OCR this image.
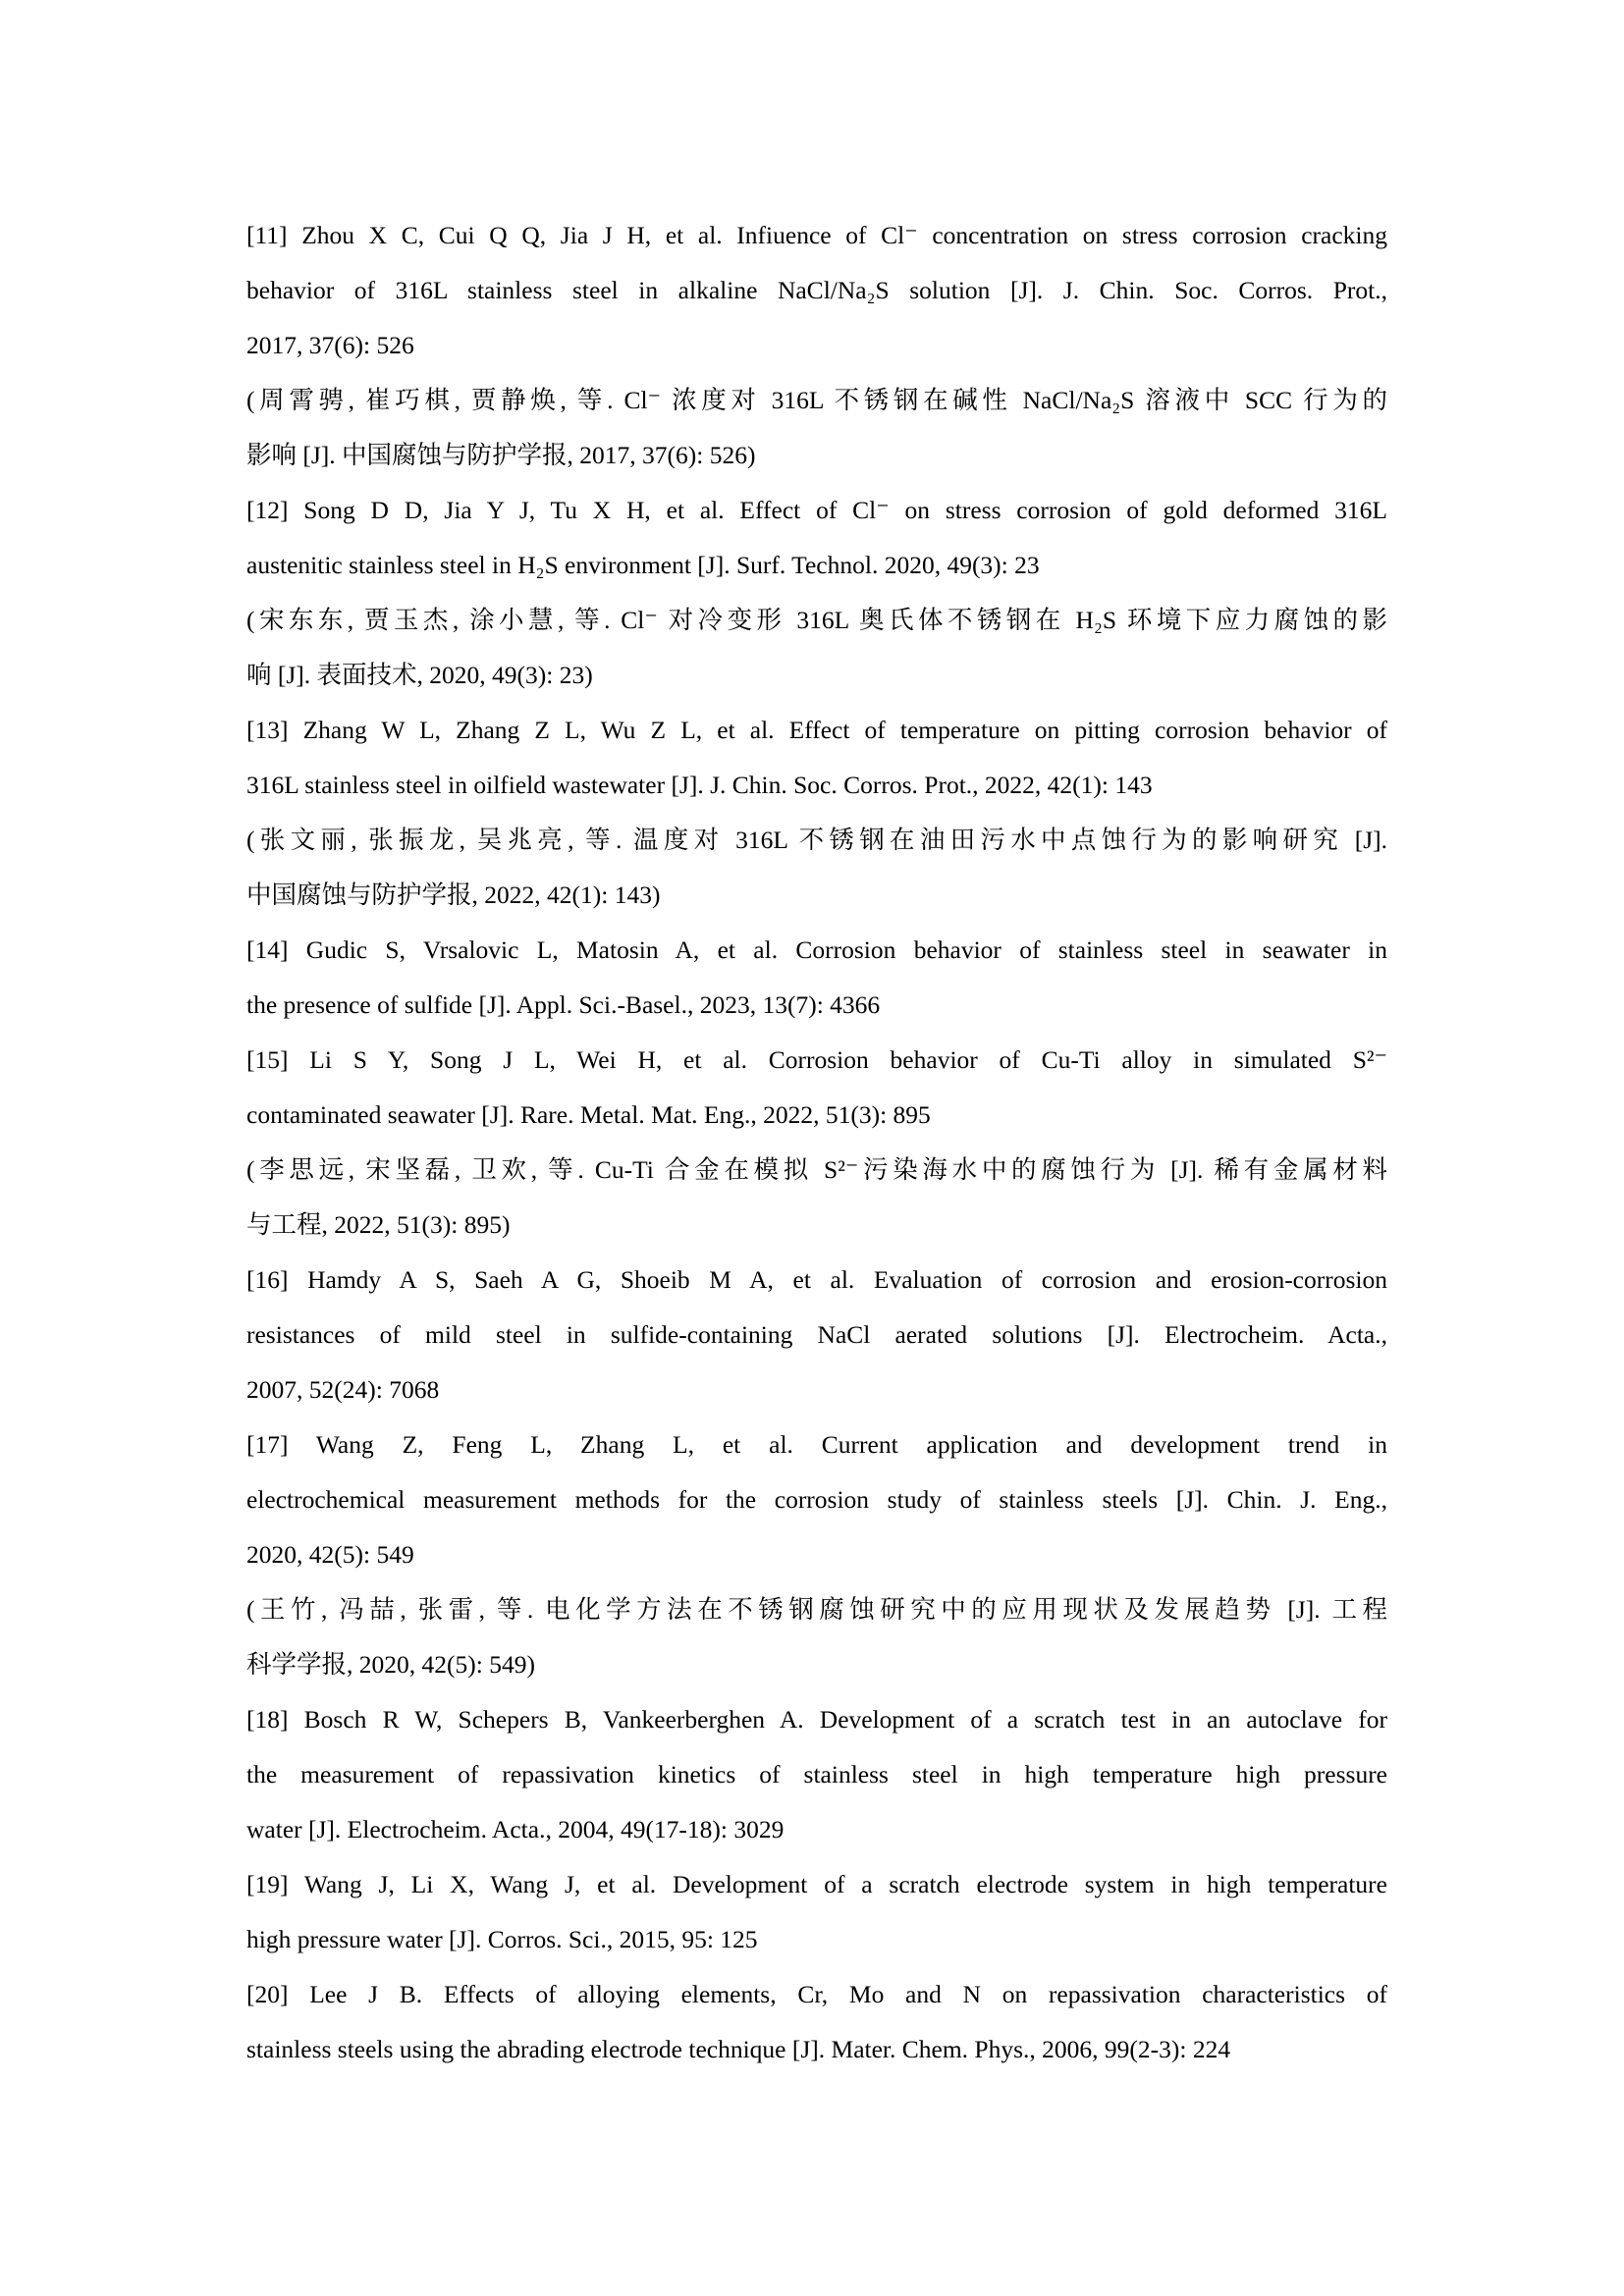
[11] Zhou X C, Cui Q Q, Jia J H, et al. Infiuence of Cl⁻ concentration on stress corrosion cracking
behavior of 316L stainless steel in alkaline NaCl/Na₂S solution [J]. J. Chin. Soc. Corros. Prot.,
2017, 37(6): 526
(周霄骋, 崔巧棋, 贾静焕, 等. Cl⁻ 浓度对 316L 不锈钢在碱性 NaCl/Na₂S 溶液中 SCC 行为的
影响 [J]. 中国腐蚀与防护学报, 2017, 37(6): 526)
[12] Song D D, Jia Y J, Tu X H, et al. Effect of Cl⁻ on stress corrosion of gold deformed 316L
austenitic stainless steel in H₂S environment [J]. Surf. Technol. 2020, 49(3): 23
(宋东东, 贾玉杰, 涂小慧, 等. Cl⁻ 对冷变形 316L 奥氏体不锈钢在 H₂S 环境下应力腐蚀的影
响 [J]. 表面技术, 2020, 49(3): 23)
[13] Zhang W L, Zhang Z L, Wu Z L, et al. Effect of temperature on pitting corrosion behavior of
316L stainless steel in oilfield wastewater [J]. J. Chin. Soc. Corros. Prot., 2022, 42(1): 143
(张文丽, 张振龙, 吴兆亮, 等. 温度对 316L 不锈钢在油田污水中点蚀行为的影响研究 [J].
中国腐蚀与防护学报, 2022, 42(1): 143)
[14] Gudic S, Vrsalovic L, Matosin A, et al. Corrosion behavior of stainless steel in seawater in
the presence of sulfide [J]. Appl. Sci.-Basel., 2023, 13(7): 4366
[15] Li S Y, Song J L, Wei H, et al. Corrosion behavior of Cu-Ti alloy in simulated S²⁻
contaminated seawater [J]. Rare. Metal. Mat. Eng., 2022, 51(3): 895
(李思远, 宋坚磊, 卫欢, 等. Cu-Ti 合金在模拟 S²⁻污染海水中的腐蚀行为 [J]. 稀有金属材料
与工程, 2022, 51(3): 895)
[16] Hamdy A S, Saeh A G, Shoeib M A, et al. Evaluation of corrosion and erosion-corrosion
resistances of mild steel in sulfide-containing NaCl aerated solutions [J]. Electrocheim. Acta.,
2007, 52(24): 7068
[17] Wang Z, Feng L, Zhang L, et al. Current application and development trend in
electrochemical measurement methods for the corrosion study of stainless steels [J]. Chin. J. Eng.,
2020, 42(5): 549
(王竹, 冯喆, 张雷, 等. 电化学方法在不锈钢腐蚀研究中的应用现状及发展趋势 [J]. 工程
科学学报, 2020, 42(5): 549)
[18] Bosch R W, Schepers B, Vankeerberghen A. Development of a scratch test in an autoclave for
the measurement of repassivation kinetics of stainless steel in high temperature high pressure
water [J]. Electrocheim. Acta., 2004, 49(17-18): 3029
[19] Wang J, Li X, Wang J, et al. Development of a scratch electrode system in high temperature
high pressure water [J]. Corros. Sci., 2015, 95: 125
[20] Lee J B. Effects of alloying elements, Cr, Mo and N on repassivation characteristics of
stainless steels using the abrading electrode technique [J]. Mater. Chem. Phys., 2006, 99(2-3): 224
